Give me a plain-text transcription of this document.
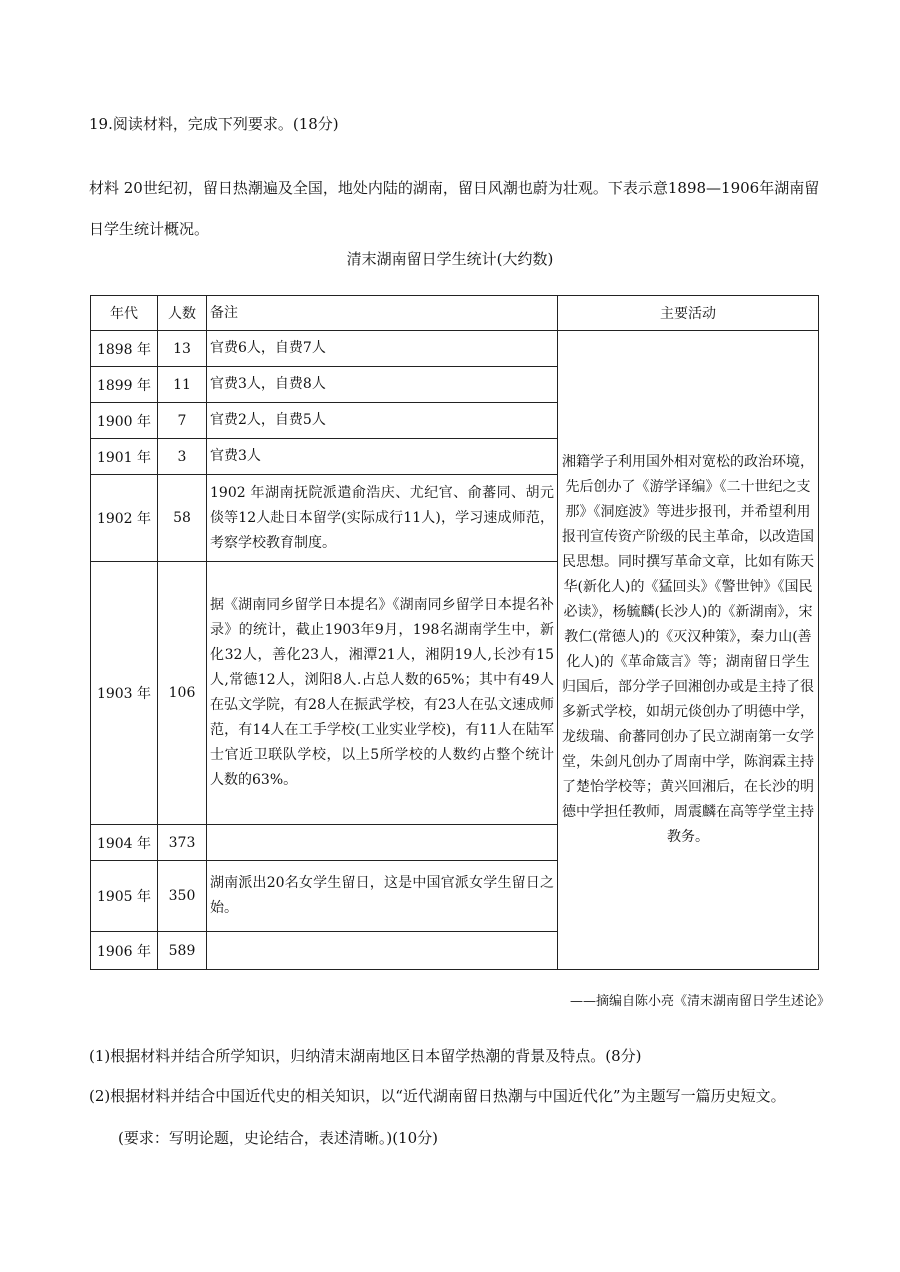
19.阅读材料，完成下列要求。(18分)
材料 20世纪初，留日热潮遍及全国，地处内陆的湖南，留日风潮也蔚为壮观。下表示意1898—1906年湖南留日学生统计概况。
清末湖南留日学生统计(大约数)
年代	人数	备注	主要活动
1898 年	13	官费6人，自费7人	湘籍学子利用国外相对宽松的政治环境，先后创办了《游学译编》《二十世纪之支那》《洞庭波》等进步报刊，并希望利用报刊宣传资产阶级的民主革命，以改造国民思想。同时撰写革命文章，比如有陈天华(新化人)的《猛回头》《警世钟》《国民必读》，杨毓麟(长沙人)的《新湖南》，宋教仁(常德人)的《灭汉种策》，秦力山(善化人)的《革命箴言》等；湖南留日学生归国后，部分学子回湘创办或是主持了很多新式学校，如胡元倓创办了明德中学，龙绂瑞、俞蕃同创办了民立湖南第一女学堂，朱剑凡创办了周南中学，陈润霖主持了楚怡学校等；黄兴回湘后，在长沙的明德中学担任教师，周震麟在高等学堂主持教务。
1899 年	11	官费3人，自费8人	
1900 年	7	官费2人，自费5人	
1901 年	3	官费3人	
1902 年	58	1902 年湖南抚院派遣俞浩庆、尤纪官、俞蕃同、胡元倓等12人赴日本留学(实际成行11人)，学习速成师范，考察学校教育制度。	
1903 年	106	据《湖南同乡留学日本提名》《湖南同乡留学日本提名补录》的统计，截止1903年9月，198名湖南学生中，新化32人，善化23人，湘潭21人，湘阴19人,长沙有15人,常德12人，浏阳8人.占总人数的65%；其中有49人在弘文学院，有28人在振武学校，有23人在弘文速成师范，有14人在工手学校(工业实业学校)，有11人在陆军士官近卫联队学校，以上5所学校的人数约占整个统计人数的63%。	
1904 年	373		
1905 年	350	湖南派出20名女学生留日，这是中国官派女学生留日之始。	
1906 年	589		
——摘编自陈小亮《清末湖南留日学生述论》
(1)根据材料并结合所学知识，归纳清末湖南地区日本留学热潮的背景及特点。(8分)
(2)根据材料并结合中国近代史的相关知识，以“近代湖南留日热潮与中国近代化”为主题写一篇历史短文。
(要求：写明论题，史论结合，表述清晰。)(10分)
